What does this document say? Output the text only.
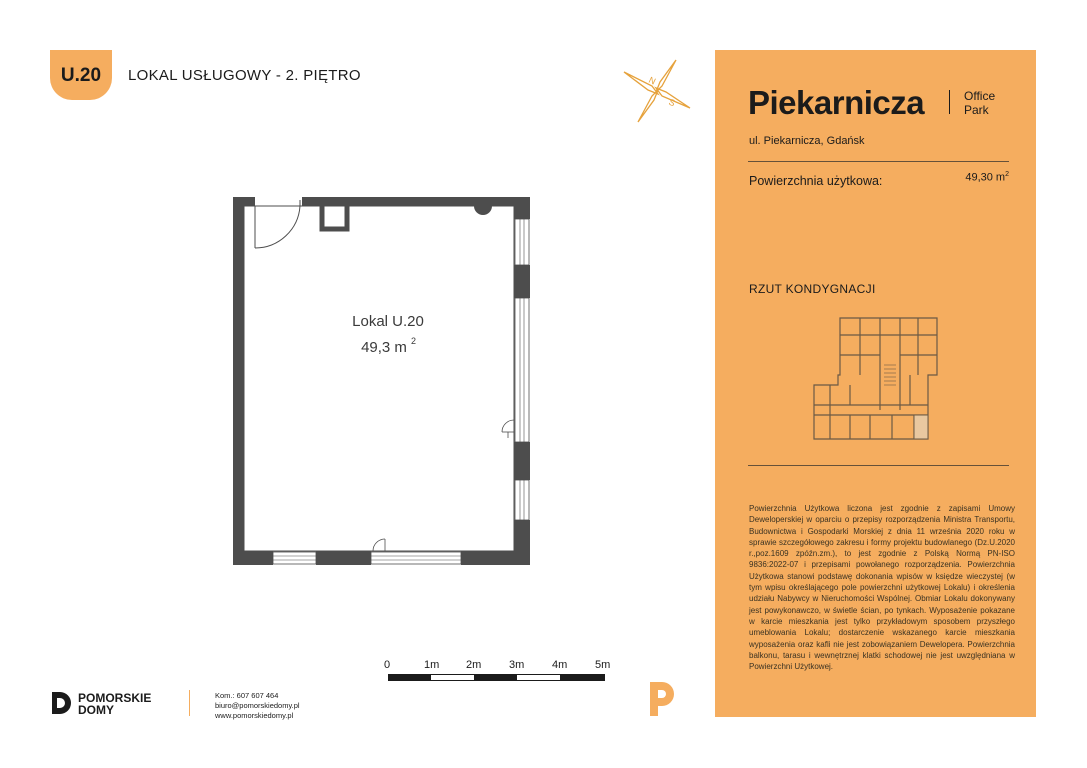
U.20	LOKAL USŁUGOWY - 2. PIĘTRO	N
S
Lokal U.20
49,3 m 2
0	1m 2m	3m	4m	5m
Piekarnicza	Office
Park
ul. Piekarnicza, Gdańsk
Powierzchnia użytkowa:	49,30 $m^2$
RZUT KONDYGNACJI
Powierzchnia Użytkowa liczona jest zgodnie z zapisami Umowy Deweloperskiej w oparciu o przepisy rozporządzenia Ministra Transportu, Budownictwa i Gospodarki Morskiej z dnia 11 września 2020 roku w sprawie szczegółowego zakresu i formy projektu budowlanego (Dz.U.2020 r.,poz.1609 zpóźn.zm.), to jest zgodnie z Polską Normą PN-ISO 9836:2022-07 i przepisami powołanego rozporządzenia. Powierzchnia Użytkowa stanowi podstawę dokonania wpisów w księdze wieczystej (w tym wpisu określającego pole powierzchni użytkowej Lokalu) i określenia udziału Nabywcy w Nieruchomości Wspólnej. Obmiar Lokalu dokonywany jest powykonawczo, w świetle ścian, po tynkach. Wyposażenie pokazane w karcie mieszkania jest tylko przykładowym sposobem przyszłego umeblowania Lokalu; dostarczenie wskazanego karcie mieszkania wyposażenia oraz kafli nie jest zobowiązaniem Dewelopera. Powierzchnia balkonu, tarasu i wewnętrznej klatki schodowej nie jest uwzględniana w Powierzchni Użytkowej.
POMORSKIE
DOMY
Kom.: 607 607 464
biuro@pomorskiedomy.pl
www.pomorskiedomy.pl
